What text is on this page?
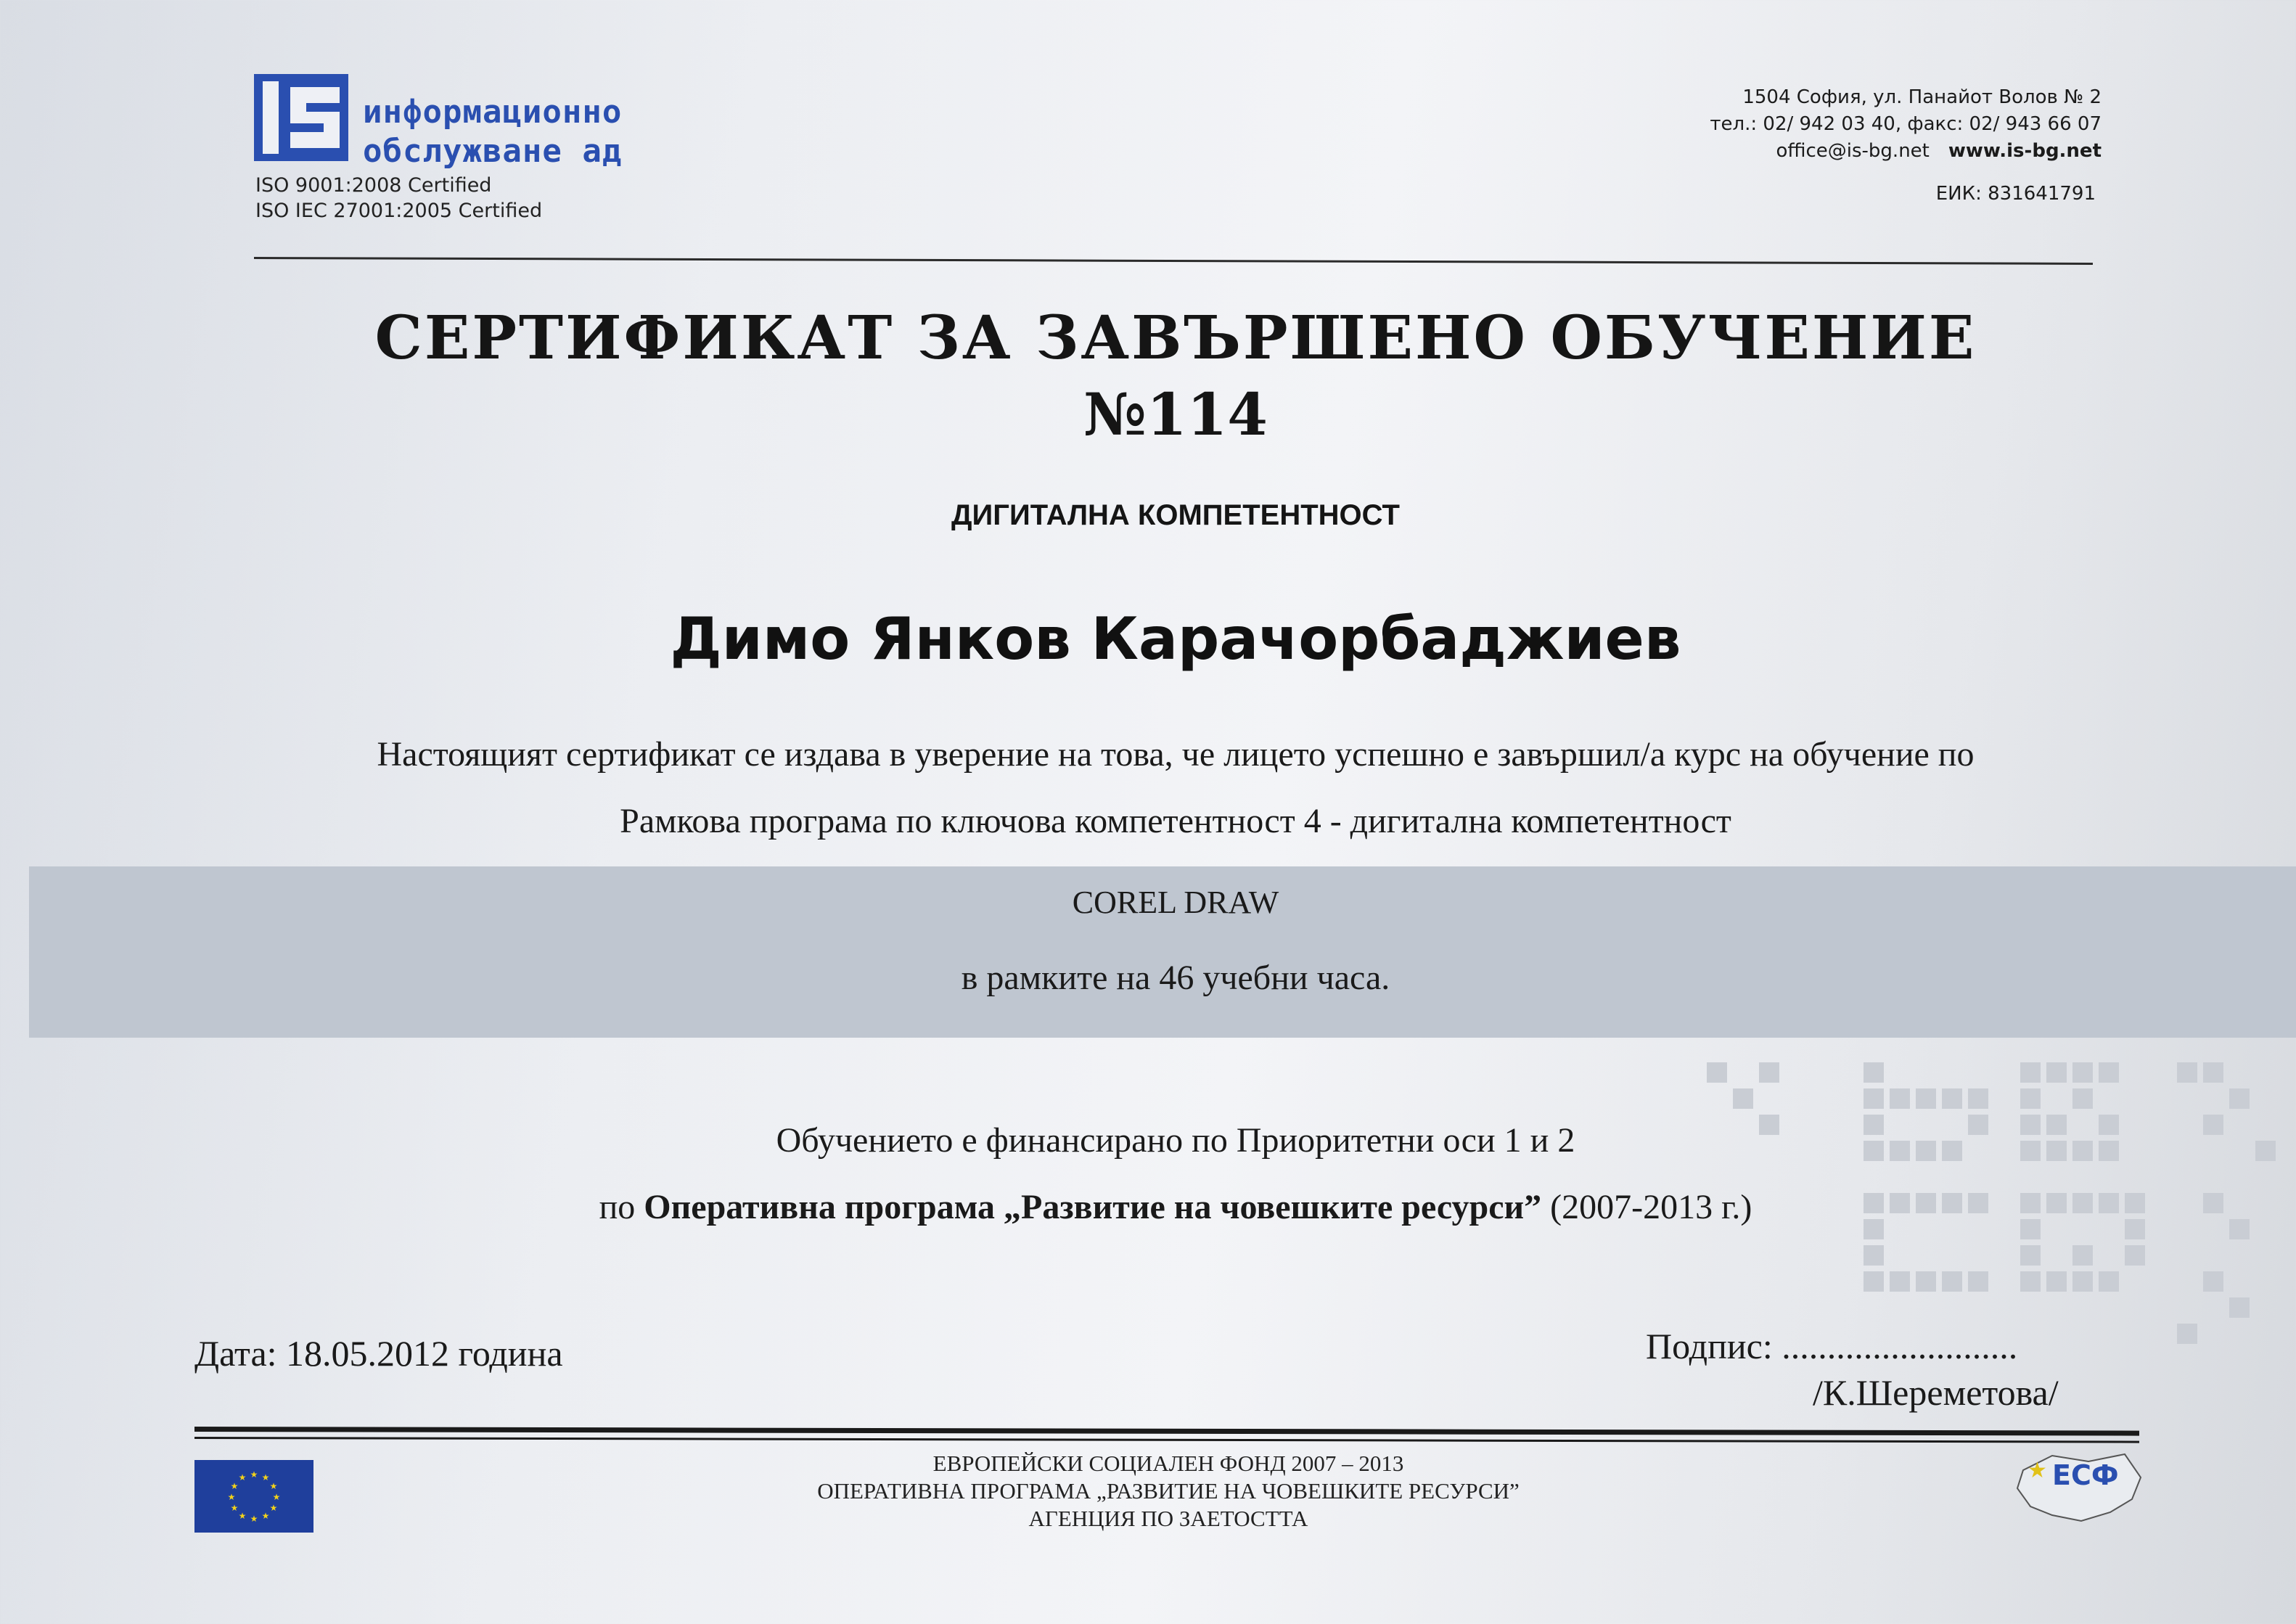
IS информационно
обслужване ад
ISO 9001:2008 Certified
ISO IEC 27001:2005 Certified
1504 София, ул. Панайот Волов № 2
тел.: 02/ 942 03 40, факс: 02/ 943 66 07
office@is-bg.net www.is-bg.net
ЕИК: 831641791
СЕРТИФИКАТ ЗА ЗАВЪРШЕНО ОБУЧЕНИЕ
№114
ДИГИТАЛНА КОМПЕТЕНТНОСТ
Димо Янков Карачорбаджиев
Настоящият сертификат се издава в уверение на това, че лицето успешно е завършил/а курс на обучение по
Рамкова програма по ключова компетентност 4 - дигитална компетентност
COREL DRAW
в рамките на 46 учебни часа.
Обучението е финансирано по Приоритетни оси 1 и 2
по Оперативна програма „Развитие на човешките ресурси” (2007-2013 г.)
Дата: 18.05.2012 година	Подпис: ..........................
/К.Шереметова/
★ ★
★
★
★
★
★
★
★
★
★
★
ЕВРОПЕЙСКИ СОЦИАЛЕН ФОНД 2007 – 2013
ОПЕРАТИВНА ПРОГРАМА „РАЗВИТИЕ НА ЧОВЕШКИТЕ РЕСУРСИ”
АГЕНЦИЯ ПО ЗАЕТОСТТА
★ ЕСФ
